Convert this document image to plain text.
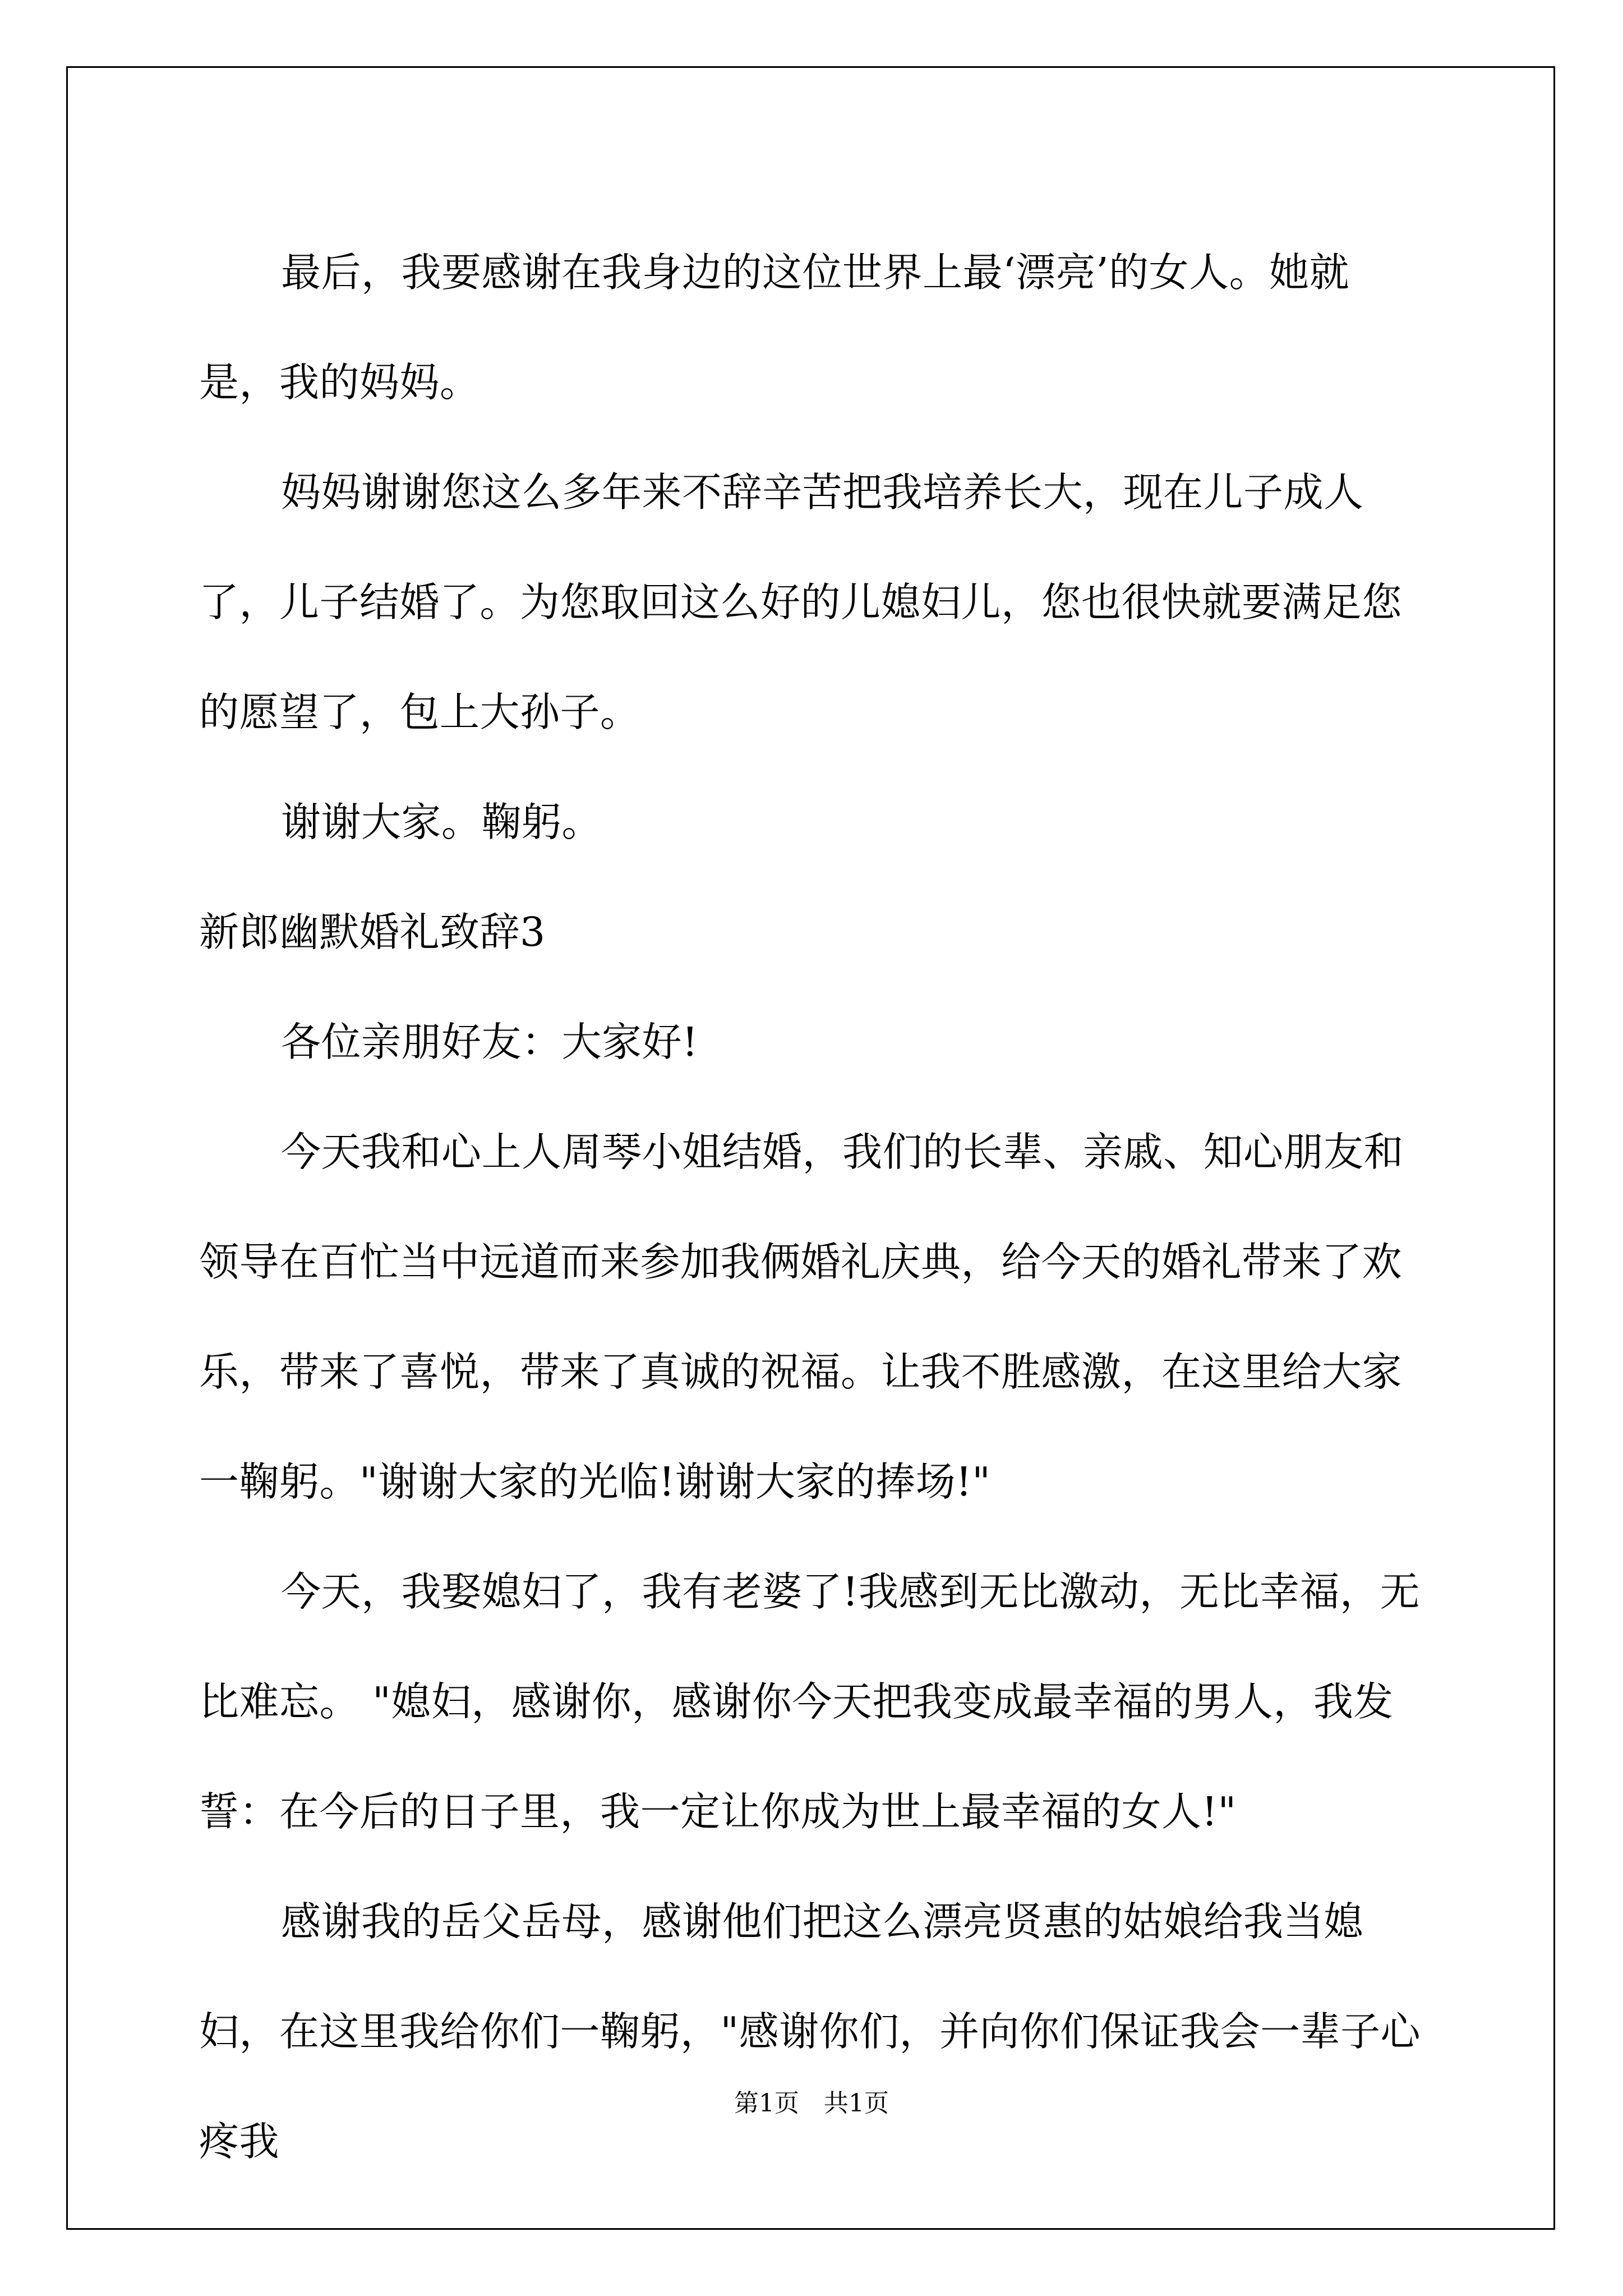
最后，我要感谢在我身边的这位世界上最‘漂亮’的女人。她就是，我的妈妈。

妈妈谢谢您这么多年来不辞辛苦把我培养长大，现在儿子成人了，儿子结婚了。为您取回这么好的儿媳妇儿，您也很快就要满足您的愿望了，包上大孙子。

谢谢大家。鞠躬。

新郎幽默婚礼致辞3

各位亲朋好友：大家好!

今天我和心上人周琴小姐结婚，我们的长辈、亲戚、知心朋友和领导在百忙当中远道而来参加我俩婚礼庆典，给今天的婚礼带来了欢乐，带来了喜悦，带来了真诚的祝福。让我不胜感激，在这里给大家一鞠躬。"谢谢大家的光临!谢谢大家的捧场!"

今天，我娶媳妇了，我有老婆了!我感到无比激动，无比幸福，无比难忘。 "媳妇，感谢你，感谢你今天把我变成最幸福的男人，我发誓：在今后的日子里，我一定让你成为世上最幸福的女人!"

感谢我的岳父岳母，感谢他们把这么漂亮贤惠的姑娘给我当媳妇，在这里我给你们一鞠躬，"感谢你们，并向你们保证我会一辈子心疼我

第1页 共1页
